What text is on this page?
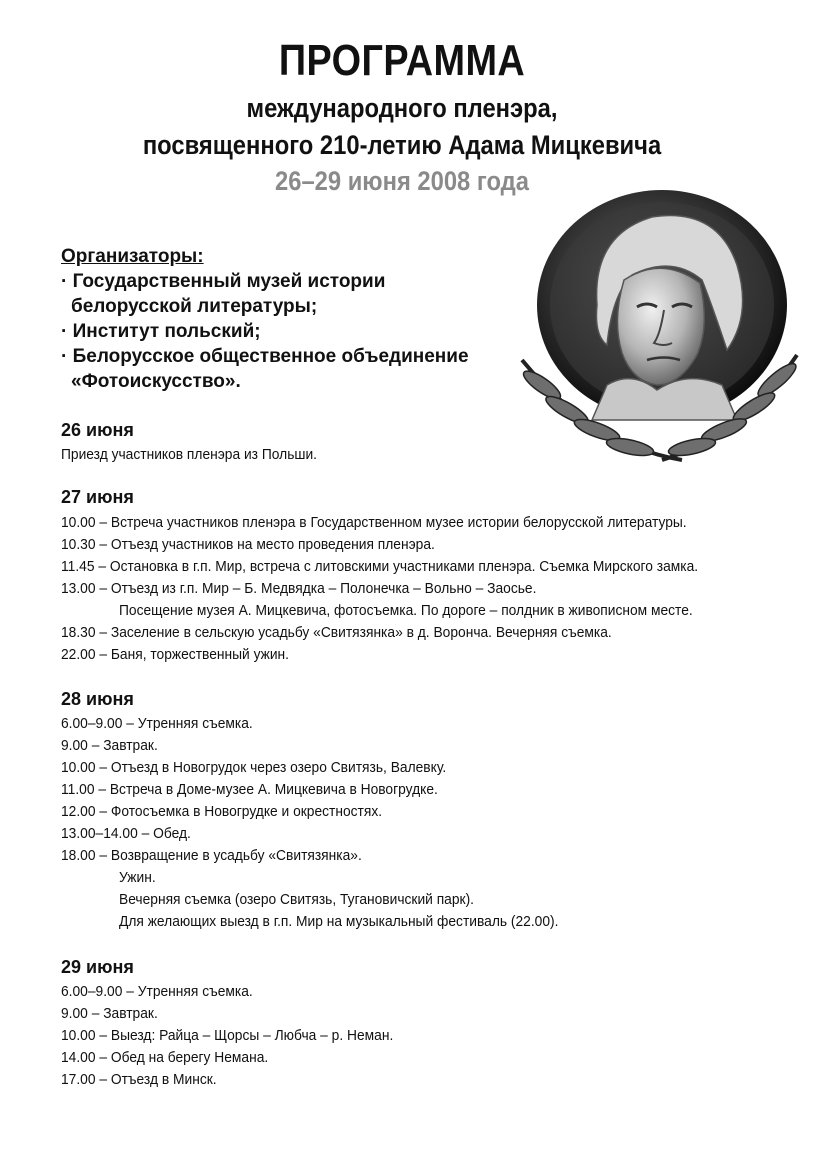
ПРОГРАММА
международного пленэра,
посвященного 210-летию Адама Мицкевича
26–29 июня 2008 года
Организаторы:
· Государственный музей истории
белорусской литературы;
· Институт польский;
· Белорусское общественное объединение
«Фотоискусство».
26 июня
Приезд участников пленэра из Польши.
27 июня
10.00 – Встреча участников пленэра в Государственном музее истории белорусской литературы.
10.30 – Отъезд участников на место проведения пленэра.
11.45 – Остановка в г.п. Мир, встреча с литовскими участниками пленэра. Съемка Мирского замка.
13.00 – Отъезд из г.п. Мир – Б. Медвядка – Полонечка – Вольно – Заосье.
Посещение музея А. Мицкевича, фотосъемка. По дороге – полдник в живописном месте.
18.30 – Заселение в сельскую усадьбу «Свитязянка» в д. Ворончa. Вечерняя съемка.
22.00 – Баня, торжественный ужин.
28 июня
6.00–9.00 – Утренняя съемка.
9.00 – Завтрак.
10.00 – Отъезд в Новогрудок через озеро Свитязь, Валевку.
11.00 – Встреча в Доме-музее А. Мицкевича в Новогрудке.
12.00 – Фотосъемка в Новогрудке и окрестностях.
13.00–14.00 – Обед.
18.00 – Возвращение в усадьбу «Свитязянка».
Ужин.
Вечерняя съемка (озеро Свитязь, Тугановичский парк).
Для желающих выезд в г.п. Мир на музыкальный фестиваль (22.00).
29 июня
6.00–9.00 – Утренняя съемка.
9.00 – Завтрак.
10.00 – Выезд: Райца – Щорсы – Любча – р. Неман.
14.00 – Обед на берегу Немана.
17.00 – Отъезд в Минск.
